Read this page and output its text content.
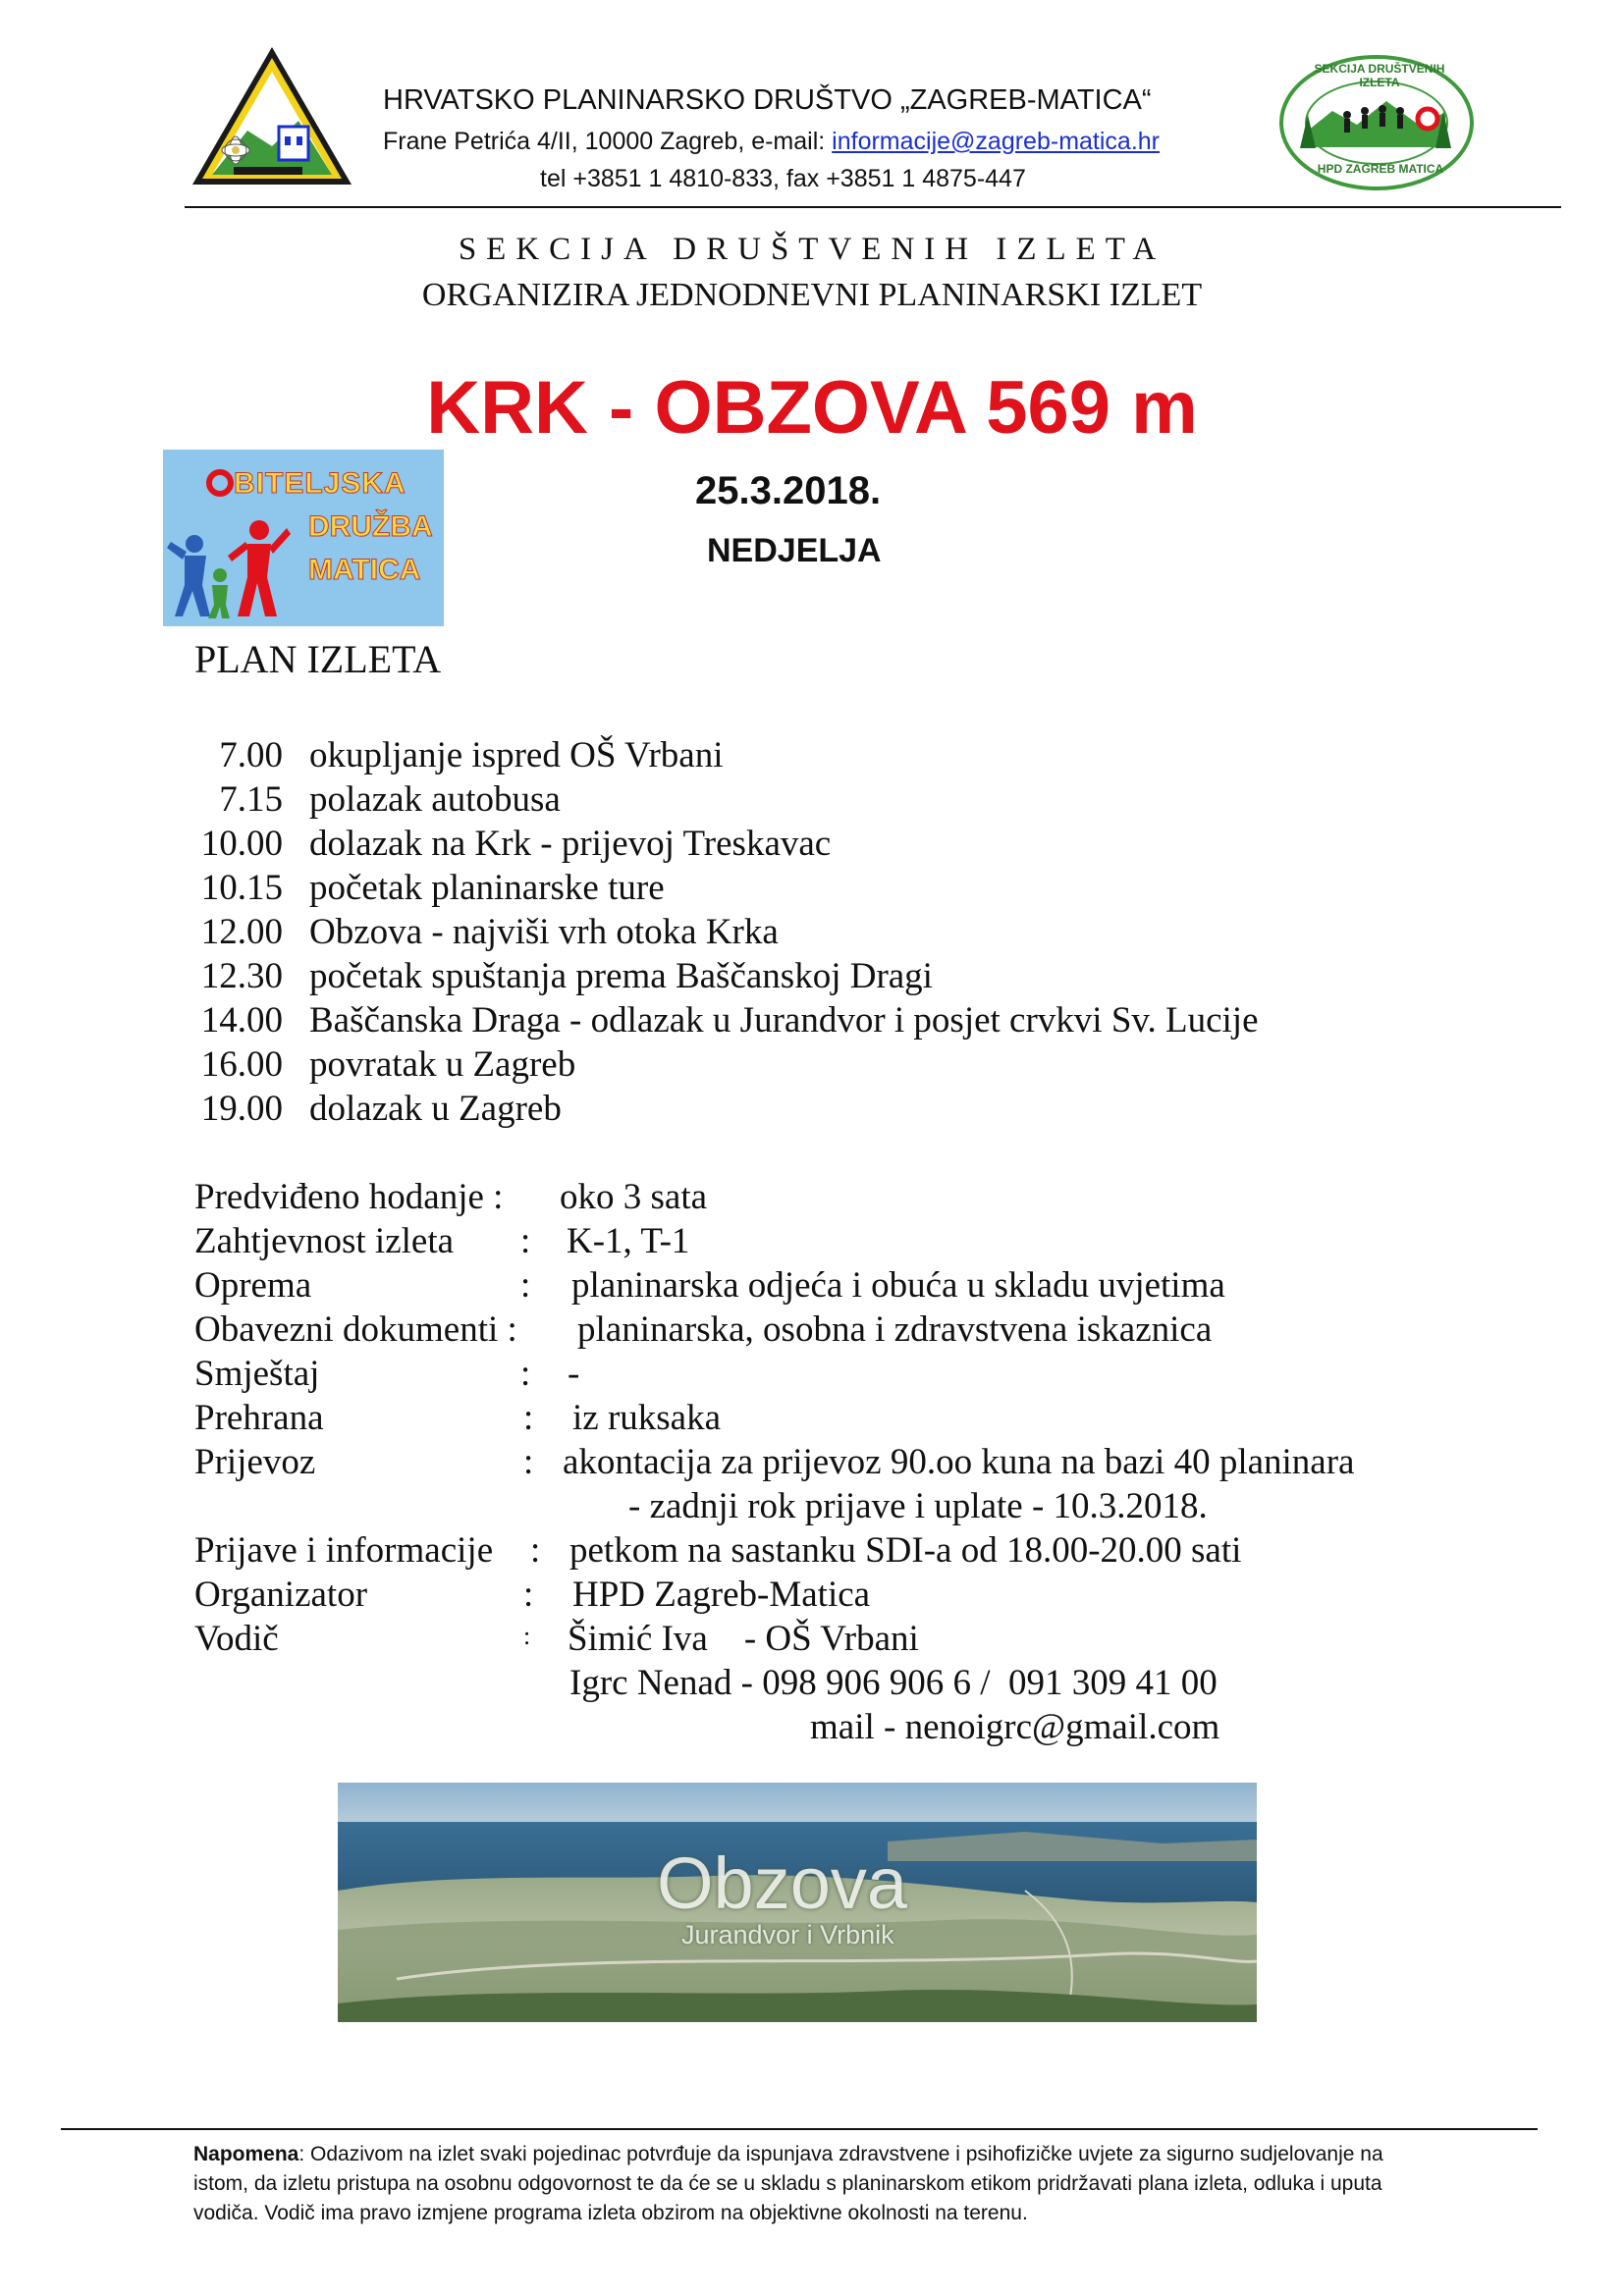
HRVATSKO PLANINARSKO DRUŠTVO „ZAGREB-MATICA“
Frane Petrića 4/II, 10000 Zagreb, e-mail: informacije@zagreb-matica.hr
tel +3851 1 4810-833, fax +3851 1 4875-447
SEKCIJA DRUŠTVENIH IZLETA
HPD ZAGREB MATICA
SEKCIJA DRUŠTVENIH IZLETA
ORGANIZIRA JEDNODNEVNI PLANINARSKI IZLET
KRK - OBZOVA 569 m
BITELJSKA
DRUŽBA
MATICA
25.3.2018.
NEDJELJA
PLAN IZLETA
7.00 okupljanje ispred OŠ Vrbani
7.15 polazak autobusa
10.00 dolazak na Krk - prijevoj Treskavac
10.15 početak planinarske ture
12.00 Obzova - najviši vrh otoka Krka
12.30 početak spuštanja prema Baščanskoj Dragi
14.00 Baščanska Draga - odlazak u Jurandvor i posjet crvkvi Sv. Lucije
16.00 povratak u Zagreb
19.00 dolazak u Zagreb
Predviđeno hodanje : oko 3 sata
Zahtjevnost izleta : K-1, T-1
Oprema	: planinarska odjeća i obuća u skladu uvjetima
Obavezni dokumenti : planinarska, osobna i zdravstvena iskaznica
Smještaj	: -
Prehrana	: iz ruksaka
Prijevoz	: akontacija za prijevoz 90.oo kuna na bazi 40 planinara
- zadnji rok prijave i uplate - 10.3.2018.
Prijave i informacije : petkom na sastanku SDI-a od 18.00-20.00 sati
Organizator	: HPD Zagreb-Matica
Vodič	: Šimić Iva    - OŠ Vrbani
Igrc Nenad - 098 906 906 6 /  091 309 41 00
mail - nenoigrc@gmail.com
Obzova
Jurandvor i Vrbnik
Napomena: Odazivom na izlet svaki pojedinac potvrđuje da ispunjava zdravstvene i psihofizičke uvjete za sigurno sudjelovanje na istom, da izletu pristupa na osobnu odgovornost te da će se u skladu s planinarskom etikom pridržavati plana izleta, odluka i uputa vodiča. Vodič ima pravo izmjene programa izleta obzirom na objektivne okolnosti na terenu.
